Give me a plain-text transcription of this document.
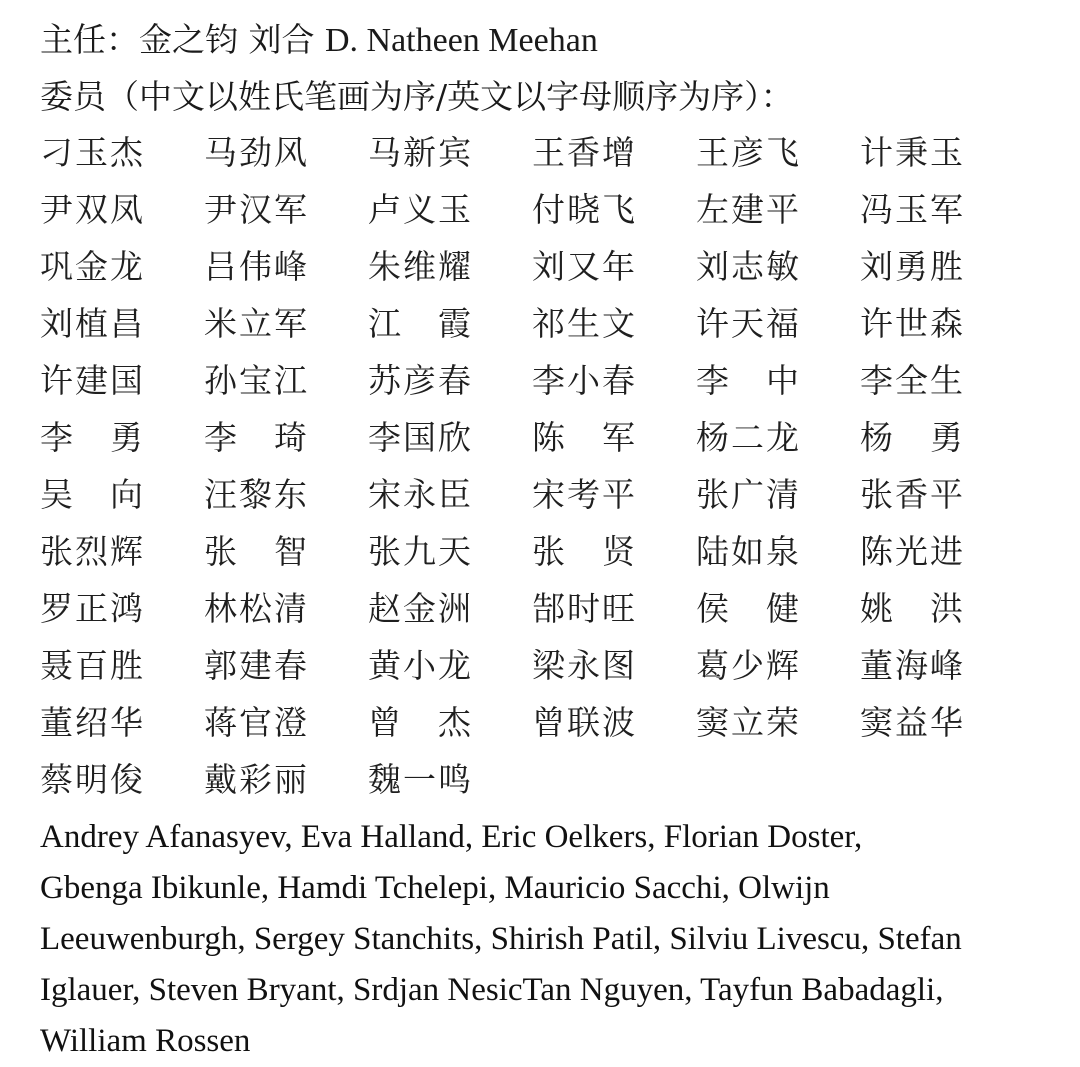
主任：金之钧 刘合 D. Natheen Meehan
委员（中文以姓氏笔画为序/英文以字母顺序为序）：
刁玉杰	马劲风	马新宾	王香增	王彦飞	计秉玉
尹双凤	尹汉军	卢义玉	付晓飞	左建平	冯玉军
巩金龙	吕伟峰	朱维耀	刘又年	刘志敏	刘勇胜
刘植昌	米立军	江　霞	祁生文	许天福	许世森
许建国	孙宝江	苏彦春	李小春	李　中	李全生
李　勇	李　琦	李国欣	陈　军	杨二龙	杨　勇
吴　向	汪黎东	宋永臣	宋考平	张广清	张香平
张烈辉	张　智	张九天	张　贤	陆如泉	陈光进
罗正鸿	林松清	赵金洲	郜时旺	侯　健	姚　洪
聂百胜	郭建春	黄小龙	梁永图	葛少辉	董海峰
董绍华	蒋官澄	曾　杰	曾联波	窦立荣	窦益华
蔡明俊	戴彩丽	魏一鸣
Andrey Afanasyev, Eva Halland, Eric Oelkers, Florian Doster,
Gbenga Ibikunle, Hamdi Tchelepi, Mauricio Sacchi, Olwijn
Leeuwenburgh, Sergey Stanchits, Shirish Patil, Silviu Livescu, Stefan
Iglauer, Steven Bryant, Srdjan NesicTan Nguyen, Tayfun Babadagli,
William Rossen
